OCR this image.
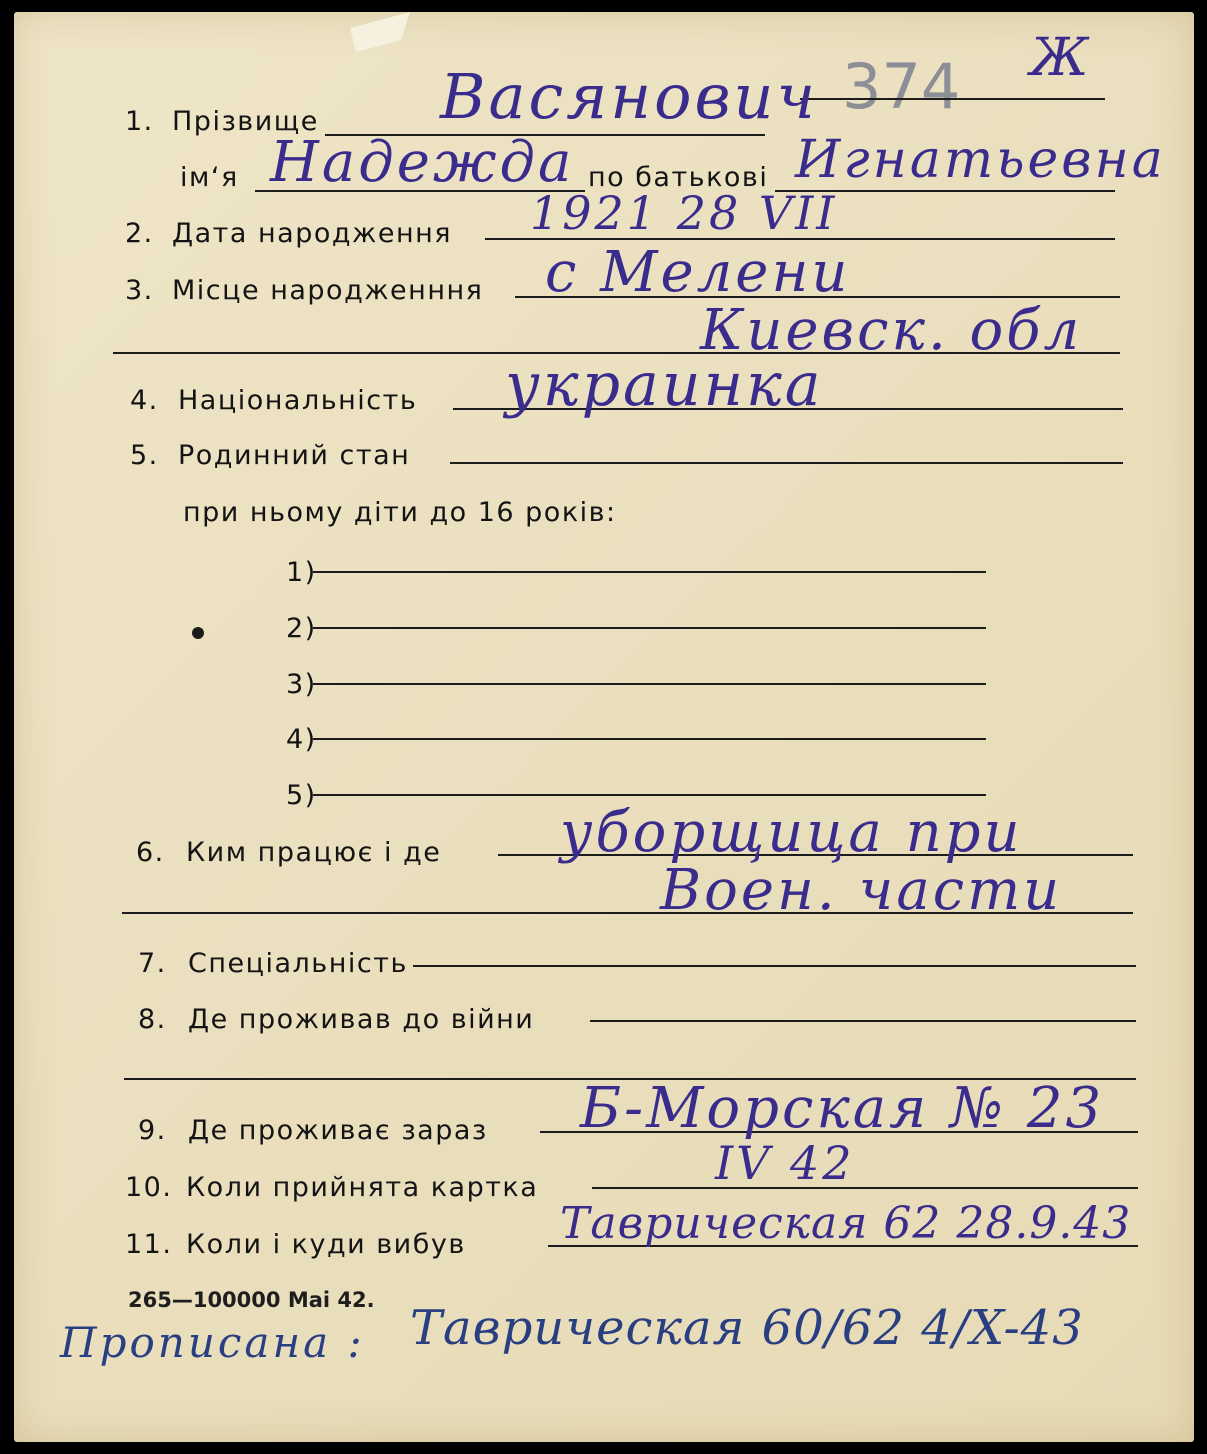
374 Ж
1. Прізвище Васянович
ім‘я Надежда по батькові Игнатьевна
2. Дата народження 1921 28 VII
3. Місце народженння с Мелени
Киевск. обл
4. Національність украинка
5. Родинний стан
при ньому діти до 16 років:
1)
2)
3)
4)
5)
6. Ким працює і де уборщица при
Воен. части
7. Спеціальність
8. Де проживав до війни
9. Де проживає зараз Б-Морская № 23
10. Коли прийнята картка	IV 42
11. Коли і куди вибув Таврическая 62 28.9.43
265—100000 Mai 42.
Прописана : Таврическая 60/62 4/X-43
